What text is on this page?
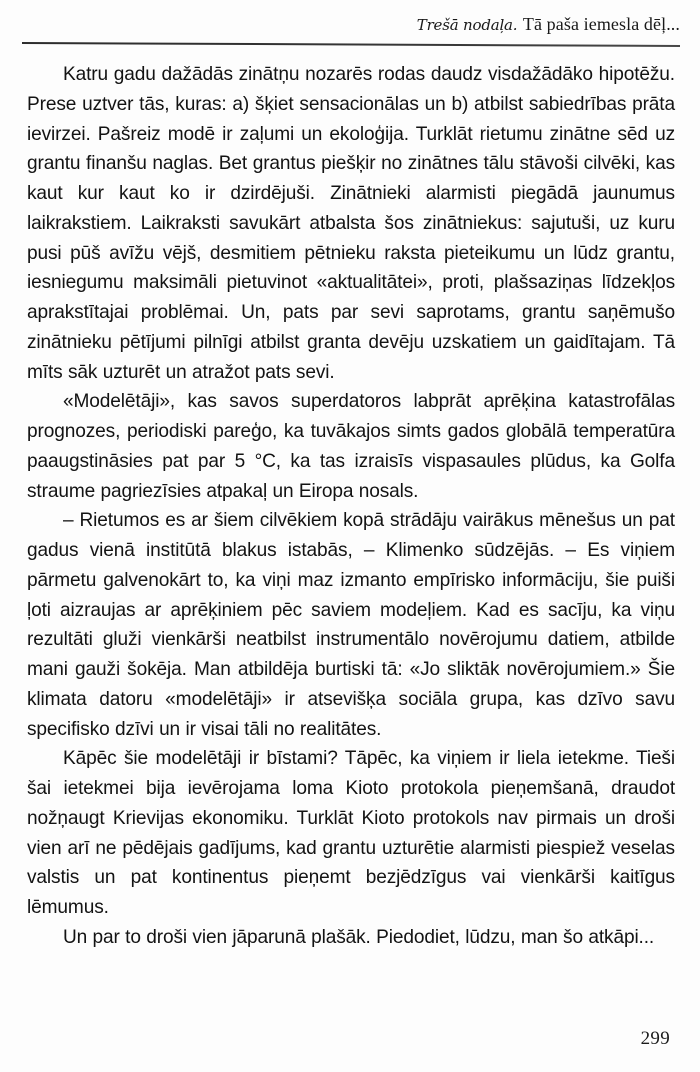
Trešā nodaļa. Tā paša iemesla dēļ...

Katru gadu dažādās zinātņu nozarēs rodas daudz visdažādāko hipotēžu. Prese uztver tās, kuras: a) šķiet sensacionālas un b) atbilst sabiedrības prāta ievirzei. Pašreiz modē ir zaļumi un ekoloģija. Turklāt rietumu zinātne sēd uz grantu finanšu naglas. Bet grantus piešķir no zinātnes tālu stāvoši cilvēki, kas kaut kur kaut ko ir dzirdējuši. Zinātnieki alarmisti piegādā jaunumus laikrakstiem. Laikraksti savukārt atbalsta šos zinātniekus: sajutuši, uz kuru pusi pūš avīžu vējš, desmitiem pētnieku raksta pieteikumu un lūdz grantu, iesniegumu maksimāli pietuvinot «aktualitātei», proti, plašsaziņas līdzekļos aprakstītajai problēmai. Un, pats par sevi saprotams, grantu saņēmušo zinātnieku pētījumi pilnīgi atbilst granta devēju uzskatiem un gaidītajam. Tā mīts sāk uzturēt un atražot pats sevi.

«Modelētāji», kas savos superdatoros labprāt aprēķina katastrofālas prognozes, periodiski pareģo, ka tuvākajos simts gados globālā temperatūra paaugstināsies pat par 5 °C, ka tas izraisīs vispasaules plūdus, ka Golfa straume pagriezīsies atpakaļ un Eiropa nosals.

– Rietumos es ar šiem cilvēkiem kopā strādāju vairākus mēnešus un pat gadus vienā institūtā blakus istabās, – Klimenko sūdzējās. – Es viņiem pārmetu galvenokārt to, ka viņi maz izmanto empīrisko informāciju, šie puiši ļoti aizraujas ar aprēķiniem pēc saviem modeļiem. Kad es sacīju, ka viņu rezultāti gluži vienkārši neatbilst instrumentālo novērojumu datiem, atbilde mani gauži šokēja. Man atbildēja burtiski tā: «Jo sliktāk novērojumiem.» Šie klimata datoru «modelētāji» ir atsevišķa sociāla grupa, kas dzīvo savu specifisko dzīvi un ir visai tāli no realitātes.

Kāpēc šie modelētāji ir bīstami? Tāpēc, ka viņiem ir liela ietekme. Tieši šai ietekmei bija ievērojama loma Kioto protokola pieņemšanā, draudot nožņaugt Krievijas ekonomiku. Turklāt Kioto protokols nav pirmais un droši vien arī ne pēdējais gadījums, kad grantu uzturētie alarmisti piespiež veselas valstis un pat kontinentus pieņemt bezjēdzīgus vai vienkārši kaitīgus lēmumus.

Un par to droši vien jāparunā plašāk. Piedodiet, lūdzu, man šo atkāpi...

299
